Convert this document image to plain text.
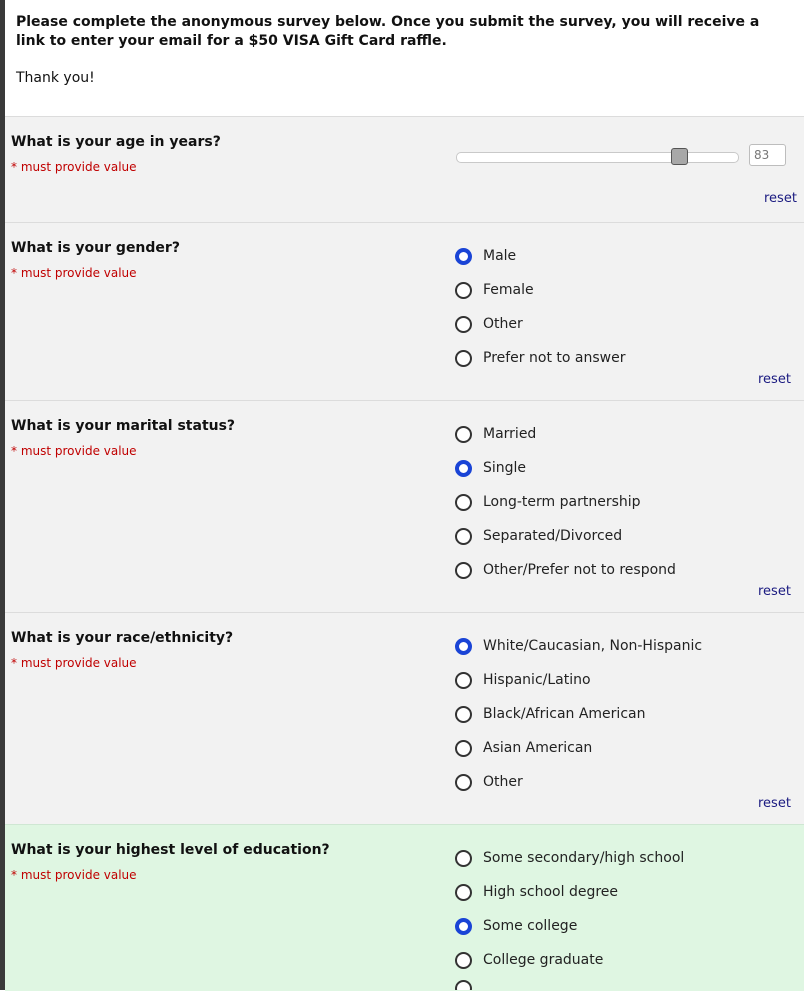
Please complete the anonymous survey below. Once you submit the survey, you will receive a link to enter your email for a $50 VISA Gift Card raffle.
Thank you!
What is your age in years?
* must provide value
83
reset
What is your gender?
* must provide value
Male
Female
Other
Prefer not to answer
reset
What is your marital status?
* must provide value
Married
Single
Long-term partnership
Separated/Divorced
Other/Prefer not to respond
reset
What is your race/ethnicity?
* must provide value
White/Caucasian, Non-Hispanic
Hispanic/Latino
Black/African American
Asian American
Other
reset
What is your highest level of education?
* must provide value
Some secondary/high school
High school degree
Some college
College graduate
